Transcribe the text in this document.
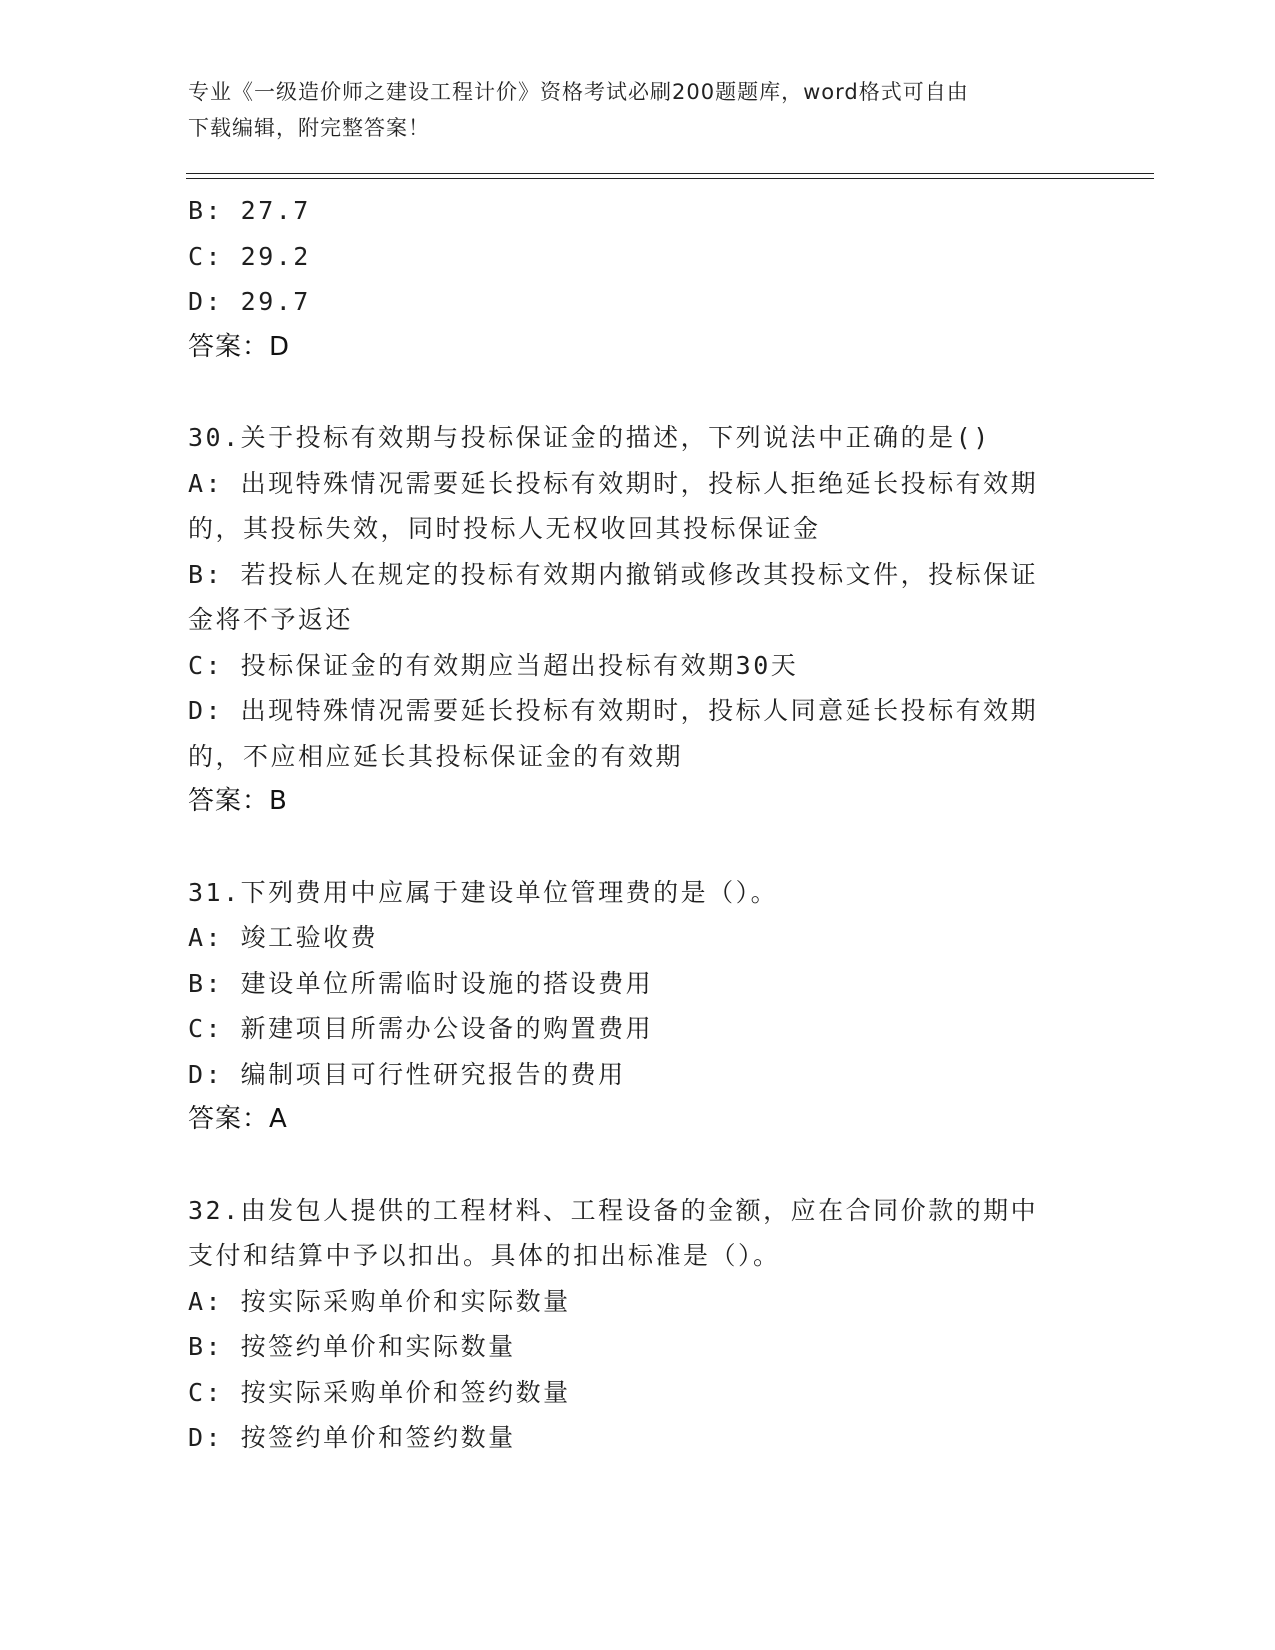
专业《一级造价师之建设工程计价》资格考试必刷200题题库，word格式可自由
下载编辑，附完整答案！
B: 27.7
C: 29.2
D: 29.7
答案：D
30.关于投标有效期与投标保证金的描述，下列说法中正确的是()
A: 出现特殊情况需要延长投标有效期时，投标人拒绝延长投标有效期
的，其投标失效，同时投标人无权收回其投标保证金
B: 若投标人在规定的投标有效期内撤销或修改其投标文件，投标保证
金将不予返还
C: 投标保证金的有效期应当超出投标有效期30天
D: 出现特殊情况需要延长投标有效期时，投标人同意延长投标有效期
的，不应相应延长其投标保证金的有效期
答案：B
31.下列费用中应属于建设单位管理费的是（）。
A: 竣工验收费
B: 建设单位所需临时设施的搭设费用
C: 新建项目所需办公设备的购置费用
D: 编制项目可行性研究报告的费用
答案：A
32.由发包人提供的工程材料、工程设备的金额，应在合同价款的期中
支付和结算中予以扣出。具体的扣出标准是（）。
A: 按实际采购单价和实际数量
B: 按签约单价和实际数量
C: 按实际采购单价和签约数量
D: 按签约单价和签约数量
